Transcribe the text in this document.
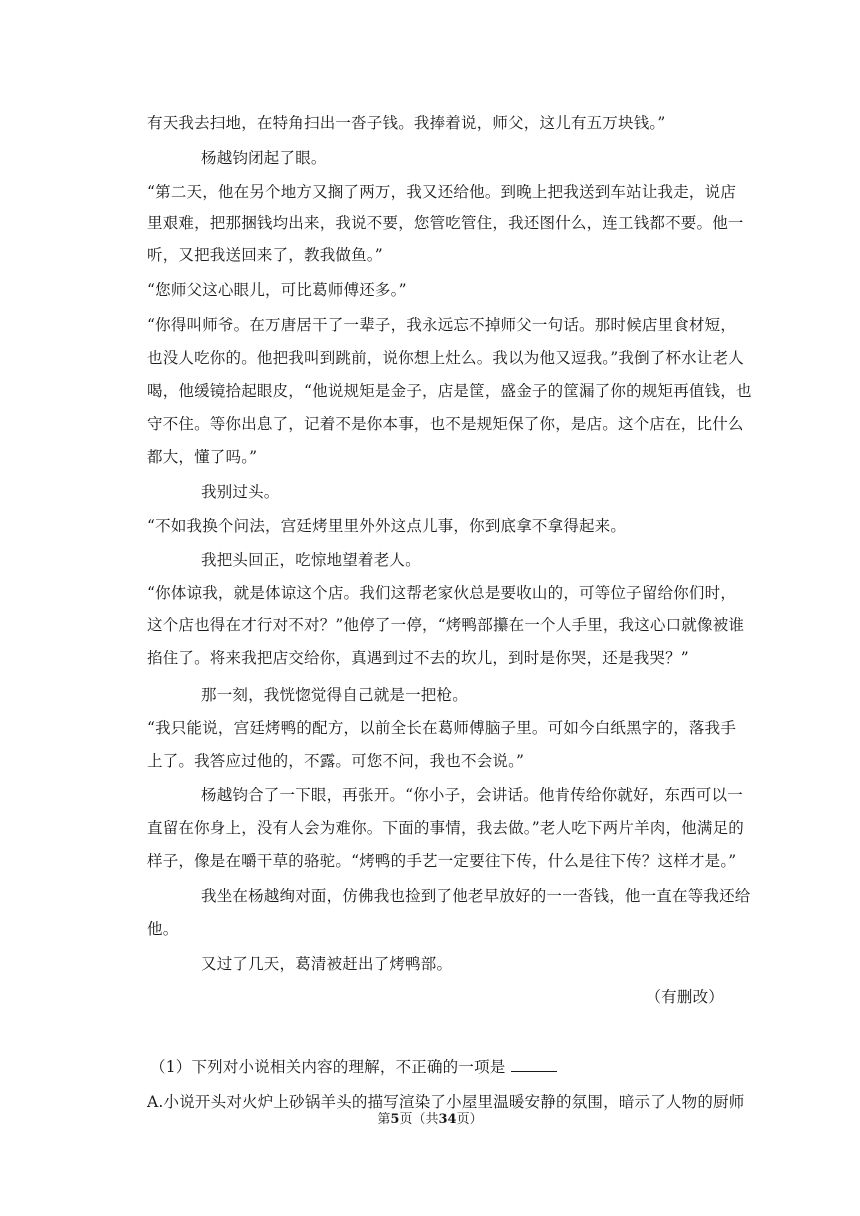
有天我去扫地，在特角扫出一沓子钱。我捧着说，师父，这儿有五万块钱。”
杨越钧闭起了眼。
“第二天，他在另个地方又搁了两万，我又还给他。到晚上把我送到车站让我走，说店
里艰难，把那捆钱均出来，我说不要，您管吃管住，我还图什么，连工钱都不要。他一
听，又把我送回来了，教我做鱼。”
“您师父这心眼儿，可比葛师傅还多。”
“你得叫师爷。在万唐居干了一辈子，我永远忘不掉师父一句话。那时候店里食材短，
也没人吃你的。他把我叫到跳前，说你想上灶么。我以为他又逗我。”我倒了杯水让老人
喝，他缓镜拾起眼皮，“他说规矩是金子，店是筐，盛金子的筐漏了你的规矩再值钱，也
守不住。等你出息了，记着不是你本事，也不是规矩保了你，是店。这个店在，比什么
都大，懂了吗。”
我别过头。
“不如我换个问法，宫廷烤里里外外这点儿事，你到底拿不拿得起来。
我把头回正，吃惊地望着老人。
“你体谅我，就是体谅这个店。我们这帮老家伙总是要收山的，可等位子留给你们时，
这个店也得在才行对不对？”他停了一停，“烤鸭部攥在一个人手里，我这心口就像被谁
掐住了。将来我把店交给你，真遇到过不去的坎儿，到时是你哭，还是我哭？”
那一刻，我恍惚觉得自己就是一把枪。
“我只能说，宫廷烤鸭的配方，以前全长在葛师傅脑子里。可如今白纸黑字的，落我手
上了。我答应过他的，不露。可您不问，我也不会说。”
杨越钧合了一下眼，再张开。“你小子，会讲话。他肯传给你就好，东西可以一
直留在你身上，没有人会为难你。下面的事情，我去做。”老人吃下两片羊肉，他满足的
样子，像是在嚼干草的骆驼。“烤鸭的手艺一定要往下传，什么是往下传？这样才是。”
我坐在杨越绚对面，仿佛我也捡到了他老早放好的一一沓钱，他一直在等我还给
他。
又过了几天，葛清被赶出了烤鸭部。
（有删改）
（1）下列对小说相关内容的理解，不正确的一项是
A.小说开头对火炉上砂锅羊头的描写渲染了小屋里温暖安静的氛围，暗示了人物的厨师
第5页（共34页）
